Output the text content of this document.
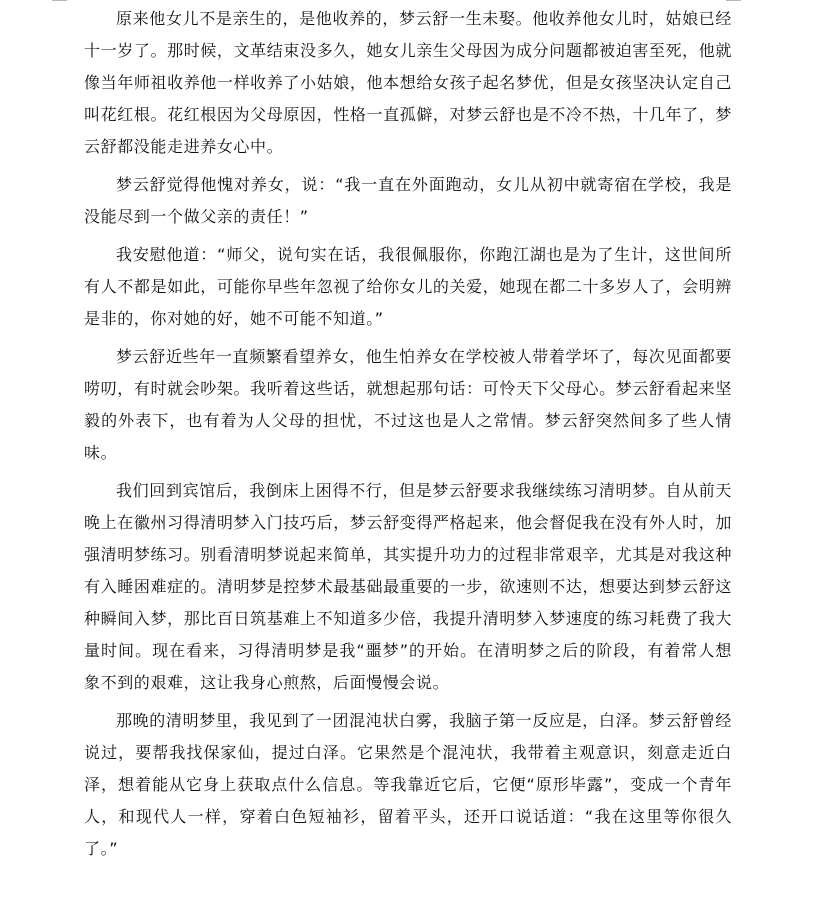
原来他女儿不是亲生的，是他收养的，梦云舒一生未娶。他收养他女儿时，姑娘已经十一岁了。那时候，文革结束没多久，她女儿亲生父母因为成分问题都被迫害至死，他就像当年师祖收养他一样收养了小姑娘，他本想给女孩子起名梦优，但是女孩坚决认定自己叫花红根。花红根因为父母原因，性格一直孤僻，对梦云舒也是不冷不热，十几年了，梦云舒都没能走进养女心中。

梦云舒觉得他愧对养女，说：“我一直在外面跑动，女儿从初中就寄宿在学校，我是没能尽到一个做父亲的责任！”

我安慰他道：“师父，说句实在话，我很佩服你，你跑江湖也是为了生计，这世间所有人不都是如此，可能你早些年忽视了给你女儿的关爱，她现在都二十多岁人了，会明辨是非的，你对她的好，她不可能不知道。”

梦云舒近些年一直频繁看望养女，他生怕养女在学校被人带着学坏了，每次见面都要唠叨，有时就会吵架。我听着这些话，就想起那句话：可怜天下父母心。梦云舒看起来坚毅的外表下，也有着为人父母的担忧，不过这也是人之常情。梦云舒突然间多了些人情味。

我们回到宾馆后，我倒床上困得不行，但是梦云舒要求我继续练习清明梦。自从前天晚上在徽州习得清明梦入门技巧后，梦云舒变得严格起来，他会督促我在没有外人时，加强清明梦练习。别看清明梦说起来简单，其实提升功力的过程非常艰辛，尤其是对我这种有入睡困难症的。清明梦是控梦术最基础最重要的一步，欲速则不达，想要达到梦云舒这种瞬间入梦，那比百日筑基难上不知道多少倍，我提升清明梦入梦速度的练习耗费了我大量时间。现在看来，习得清明梦是我“噩梦”的开始。在清明梦之后的阶段，有着常人想象不到的艰难，这让我身心煎熬，后面慢慢会说。

那晚的清明梦里，我见到了一团混沌状白雾，我脑子第一反应是，白泽。梦云舒曾经说过，要帮我找保家仙，提过白泽。它果然是个混沌状，我带着主观意识，刻意走近白泽，想着能从它身上获取点什么信息。等我靠近它后，它便“原形毕露”，变成一个青年人，和现代人一样，穿着白色短袖衫，留着平头，还开口说话道：“我在这里等你很久了。”
